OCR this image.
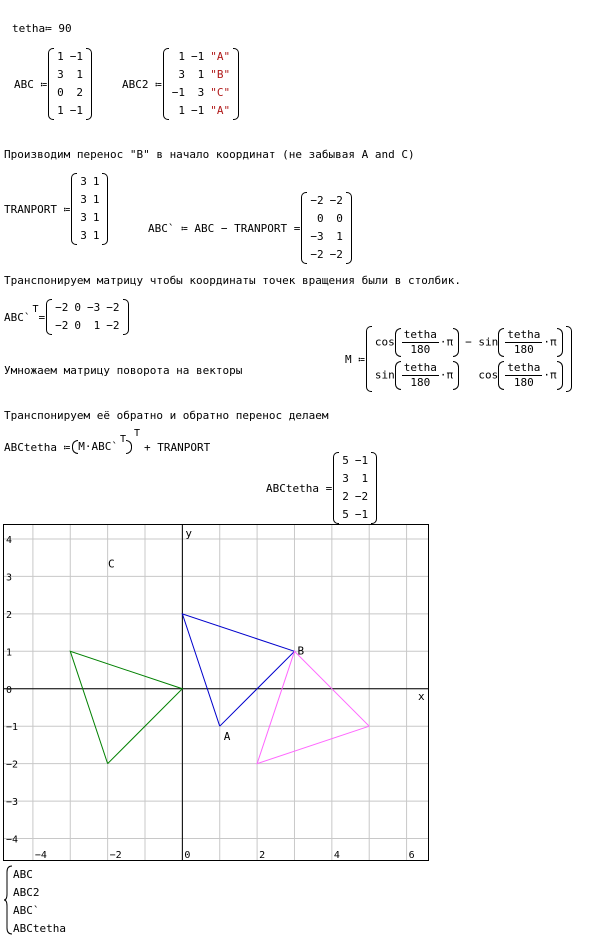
tetha≔ 90
ABC ≔
1	−1
3	1
0	2
1	−1
ABC2 ≔
1	−1	"A"
3	1	"B"
−1	3	"C"
1	−1	"A"
Производим перенос "B" в начало координат (не забывая A and C)
TRANPORT ≔
3	1
3	1
3	1
3	1
ABC` ≔ ABC − TRANPORT =
−2	−2
0	0
−3	1
−2	−2
Транспонируем матрицу чтобы координаты точек вращения были в столбик.
ABC`
T
=
−2	0	−3	−2
−2	0	1	−2
Умножаем матрицу поворота на векторы
M ≔
$\cos \frac{\text{tetha}}{180} \cdot\pi$	− $\sin \frac{\text{tetha}}{180} \cdot\pi$
$\sin \frac{\text{tetha}}{180} \cdot\pi$	$\cos \frac{\text{tetha}}{180} \cdot\pi$
Транспонируем её обратно и обратно перенос делаем
ABCtetha ≔ M·ABC`T
T
+ TRANPORT
ABCtetha =
5	−1
3	1
2	−2
5	−1
−4	−2	0	2	4	6
4
3
2
1
0
−1
−2
−3
−4
x
y
A
B
C
ABC
ABC2
ABC`
ABCtetha
